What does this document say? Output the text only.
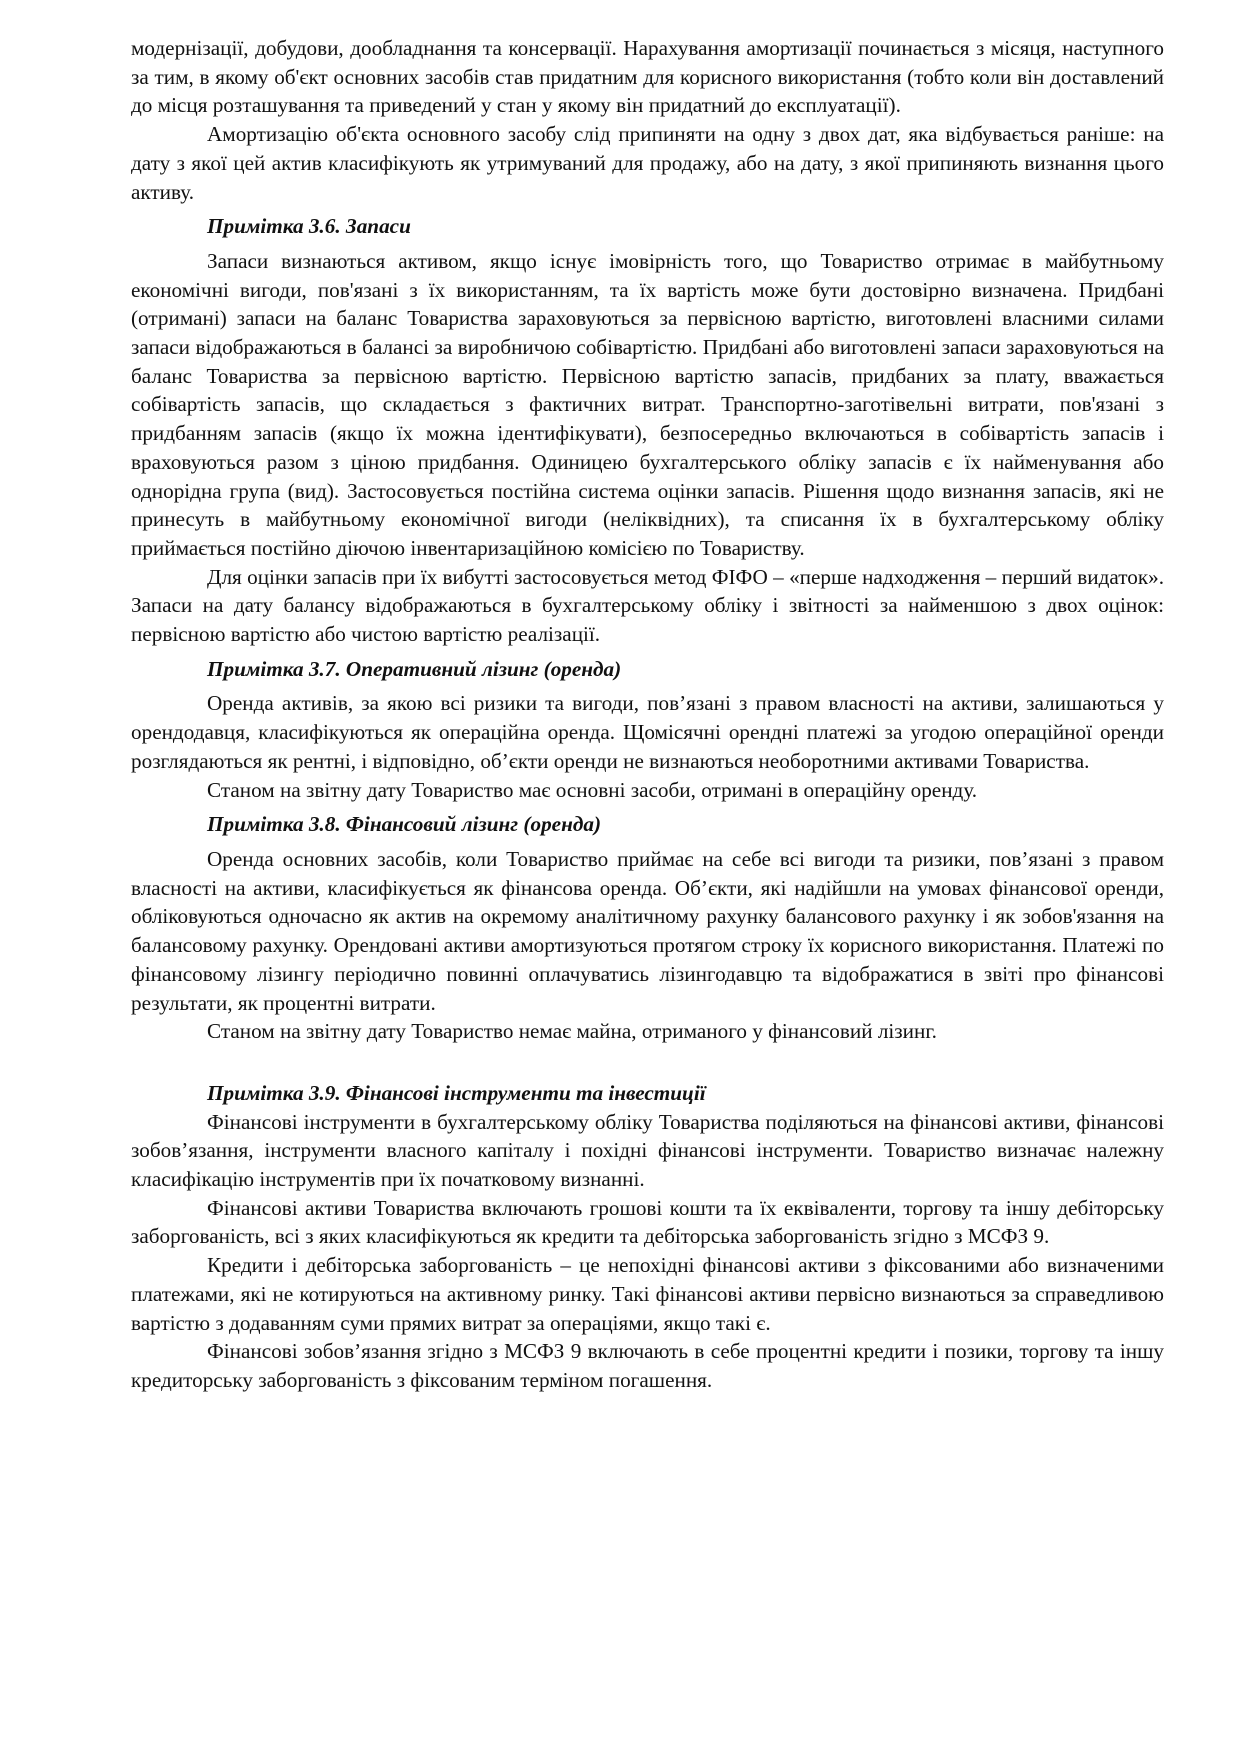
модернізації, добудови, дообладнання та консервації. Нарахування амортизації починається з місяця, наступного за тим, в якому об'єкт основних засобів став придатним для корисного використання (тобто коли він доставлений до місця розташування та приведений у стан у якому він придатний до експлуатації).

Амортизацію об'єкта основного засобу слід припиняти на одну з двох дат, яка відбувається раніше: на дату з якої цей актив класифікують як утримуваний для продажу, або на дату, з якої припиняють визнання цього активу.

Примітка 3.6. Запаси

Запаси визнаються активом, якщо існує імовірність того, що Товариство отримає в майбутньому економічні вигоди, пов'язані з їх використанням, та їх вартість може бути достовірно визначена. Придбані (отримані) запаси на баланс Товариства зараховуються за первісною вартістю, виготовлені власними силами запаси відображаються в балансі за виробничою собівартістю. Придбані або виготовлені запаси зараховуються на баланс Товариства за первісною вартістю. Первісною вартістю запасів, придбаних за плату, вважається собівартість запасів, що складається з фактичних витрат. Транспортно-заготівельні витрати, пов'язані з придбанням запасів (якщо їх можна ідентифікувати), безпосередньо включаються в собівартість запасів і враховуються разом з ціною придбання. Одиницею бухгалтерського обліку запасів є їх найменування або однорідна група (вид). Застосовується постійна система оцінки запасів. Рішення щодо визнання запасів, які не принесуть в майбутньому економічної вигоди (неліквідних), та списання їх в бухгалтерському обліку приймається постійно діючою інвентаризаційною комісією по Товариству.

Для оцінки запасів при їх вибутті застосовується метод ФІФО – «перше надходження – перший видаток». Запаси на дату балансу відображаються в бухгалтерському обліку і звітності за найменшою з двох оцінок: первісною вартістю або чистою вартістю реалізації.

Примітка 3.7. Оперативний лізинг (оренда)

Оренда активів, за якою всі ризики та вигоди, пов’язані з правом власності на активи, залишаються у орендодавця, класифікуються як операційна оренда. Щомісячні орендні платежі за угодою операційної оренди розглядаються як рентні, і відповідно, об’єкти оренди не визнаються необоротними активами Товариства.

Станом на звітну дату Товариство має основні засоби, отримані в операційну оренду.

Примітка 3.8. Фінансовий лізинг (оренда)

Оренда основних засобів, коли Товариство приймає на себе всі вигоди та ризики, пов’язані з правом власності на активи, класифікується як фінансова оренда. Об’єкти, які надійшли на умовах фінансової оренди, обліковуються одночасно як актив на окремому аналітичному рахунку балансового рахунку і як зобов'язання на балансовому рахунку. Орендовані активи амортизуються протягом строку їх корисного використання. Платежі по фінансовому лізингу періодично повинні оплачуватись лізингодавцю та відображатися в звіті про фінансові результати, як процентні витрати.

Станом на звітну дату Товариство немає майна, отриманого у фінансовий лізинг.

Примітка 3.9. Фінансові інструменти та інвестиції

Фінансові інструменти в бухгалтерському обліку Товариства поділяються на фінансові активи, фінансові зобов’язання, інструменти власного капіталу і похідні фінансові інструменти. Товариство визначає належну класифікацію інструментів при їх початковому визнанні.

Фінансові активи Товариства включають грошові кошти та їх еквіваленти, торгову та іншу дебіторську заборгованість, всі з яких класифікуються як кредити та дебіторська заборгованість згідно з МСФЗ 9.

Кредити і дебіторська заборгованість – це непохідні фінансові активи з фіксованими або визначеними платежами, які не котируються на активному ринку. Такі фінансові активи первісно визнаються за справедливою вартістю з додаванням суми прямих витрат за операціями, якщо такі є.

Фінансові зобов’язання згідно з МСФЗ 9 включають в себе процентні кредити і позики, торгову та іншу кредиторську заборгованість з фіксованим терміном погашення.
